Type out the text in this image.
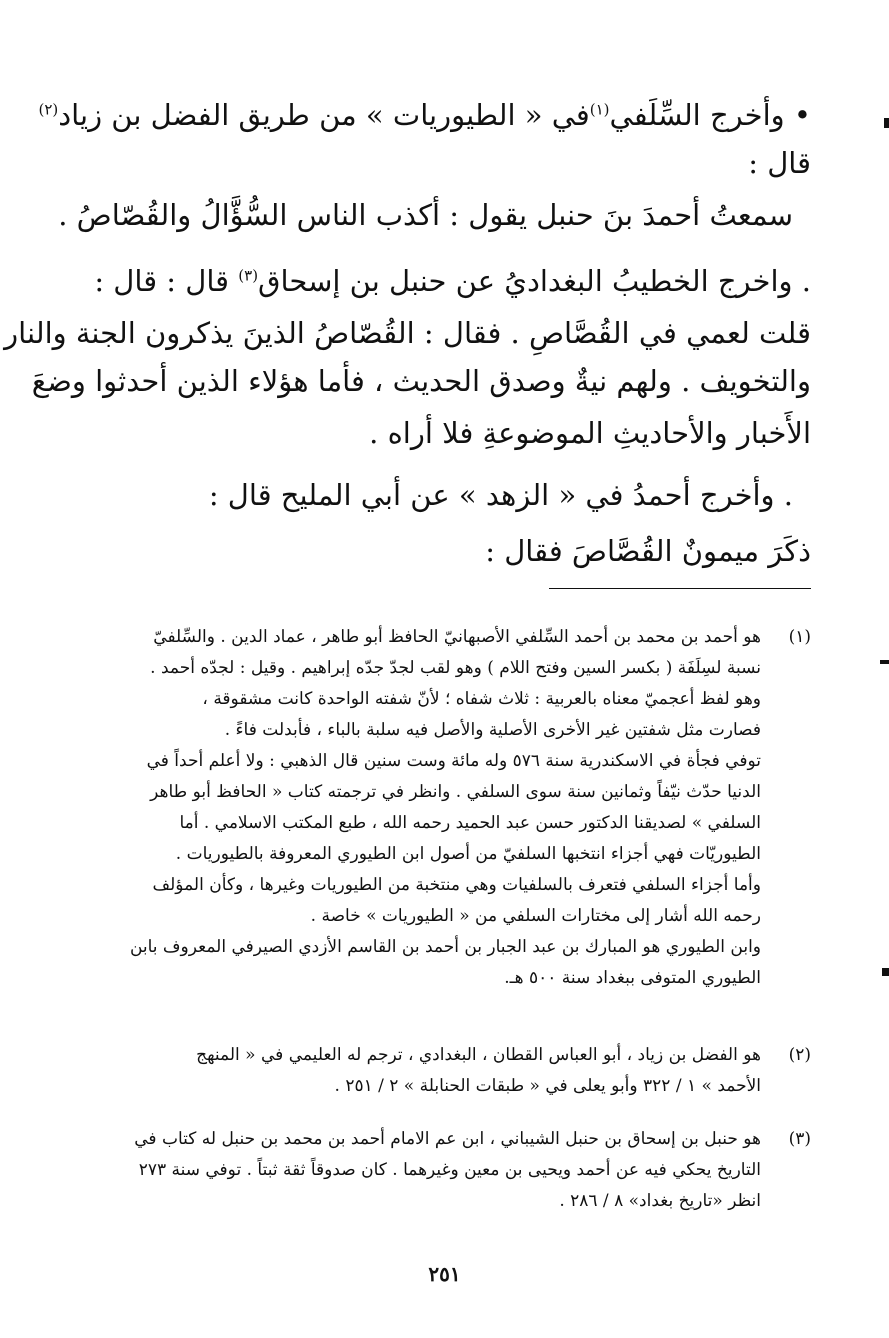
• وأخرج السِّلَفي$^{(١)}$في « الطيوريات » من طريق الفضل بن زياد$^{(٢)}$
قال :
سمعتُ أحمدَ بنَ حنبل يقول : أكذب الناس السُّؤَّالُ والقُصّاصُ .
. واخرج الخطيبُ البغداديُ عن حنبل بن إسحاق$^{(٣)}$ قال : قال :
قلت لعمي في القُصَّاصِ . فقال : القُصّاصُ الذينَ يذكرون الجنة والنار
والتخويف . ولهم نيةٌ وصدق الحديث ، فأما هؤلاء الذين أحدثوا وضعَ
الأَخبار والأحاديثِ الموضوعةِ فلا أراه .
. وأخرج أحمدُ في « الزهد » عن أبي المليح قال :
ذكَرَ ميمونٌ القُصَّاصَ فقال :
(١)
هو أحمد بن محمد بن أحمد السِّلفي الأصبهانيّ الحافظ أبو طاهر ، عماد الدين . والسِّلفيّ
نسبة لسِلَفَة ( بكسر السين وفتح اللام ) وهو لقب لجدّ جدّه إبراهيم . وقيل : لجدّه أحمد .
وهو لفظ أعجميّ معناه بالعربية : ثلاث شفاه ؛ لأنّ شفته الواحدة كانت مشقوقة ،
فصارت مثل شفتين غير الأخرى الأصلية والأصل فيه سلبة بالباء ، فأبدلت فاءً .
توفي فجأة في الاسكندرية سنة ٥٧٦ وله مائة وست سنين قال الذهبي : ولا أعلم أحداً في
الدنيا حدّث نيّفاً وثمانين سنة سوى السلفي . وانظر في ترجمته كتاب « الحافظ أبو طاهر
السلفي » لصديقنا الدكتور حسن عبد الحميد رحمه الله ، طبع المكتب الاسلامي . أما
الطيوريّات فهي أجزاء انتخبها السلفيّ من أصول ابن الطيوري المعروفة بالطيوريات .
وأما أجزاء السلفي فتعرف بالسلفيات وهي منتخبة من الطيوريات وغيرها ، وكأن المؤلف
رحمه الله أشار إلى مختارات السلفي من « الطيوريات » خاصة .
وابن الطيوري هو المبارك بن عبد الجبار بن أحمد بن القاسم الأزدي الصيرفي المعروف بابن
الطيوري المتوفى ببغداد سنة ٥٠٠ هـ.
(٢)
هو الفضل بن زياد ، أبو العباس القطان ، البغدادي ، ترجم له العليمي في « المنهج
الأحمد » ١ / ٣٢٢ وأبو يعلى في « طبقات الحنابلة » ٢ / ٢٥١ .
(٣)
هو حنبل بن إسحاق بن حنبل الشيباني ، ابن عم الامام أحمد بن محمد بن حنبل له كتاب في
التاريخ يحكي فيه عن أحمد ويحيى بن معين وغيرهما . كان صدوقاً ثقة ثبتاً . توفي سنة ٢٧٣
انظر «تاريخ بغداد» ٨ / ٢٨٦ .
٢٥١
